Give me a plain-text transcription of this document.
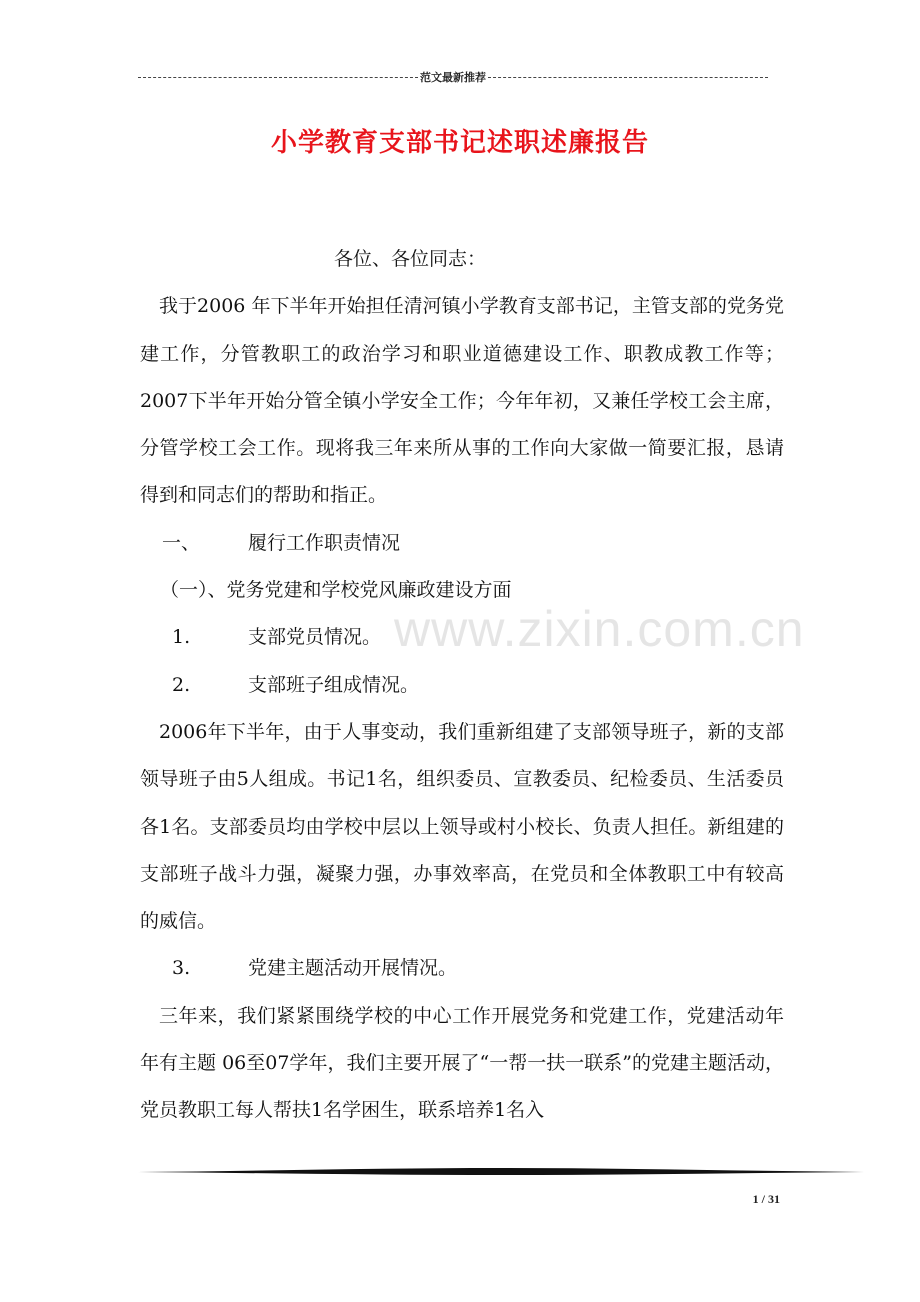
范文最新推荐
小学教育支部书记述职述廉报告
www.zixin.com.cn

各位、各位同志：

我于2006 年下半年开始担任清河镇小学教育支部书记，主管支部的党务党建工作，分管教职工的政治学习和职业道德建设工作、职教成教工作等；2007下半年开始分管全镇小学安全工作；今年年初，又兼任学校工会主席，分管学校工会工作。现将我三年来所从事的工作向大家做一简要汇报，恳请得到和同志们的帮助和指正。

一、	履行工作职责情况

（一）、党务党建和学校党风廉政建设方面

1.	支部党员情况。

2.	支部班子组成情况。

2006年下半年，由于人事变动，我们重新组建了支部领导班子，新的支部领导班子由5人组成。书记1名，组织委员、宣教委员、纪检委员、生活委员各1名。支部委员均由学校中层以上领导或村小校长、负责人担任。新组建的支部班子战斗力强，凝聚力强，办事效率高，在党员和全体教职工中有较高的威信。

3.	党建主题活动开展情况。

三年来，我们紧紧围绕学校的中心工作开展党务和党建工作，党建活动年年有主题 06至07学年，我们主要开展了“一帮一扶一联系”的党建主题活动，党员教职工每人帮扶1名学困生，联系培养1名入

1 / 31
